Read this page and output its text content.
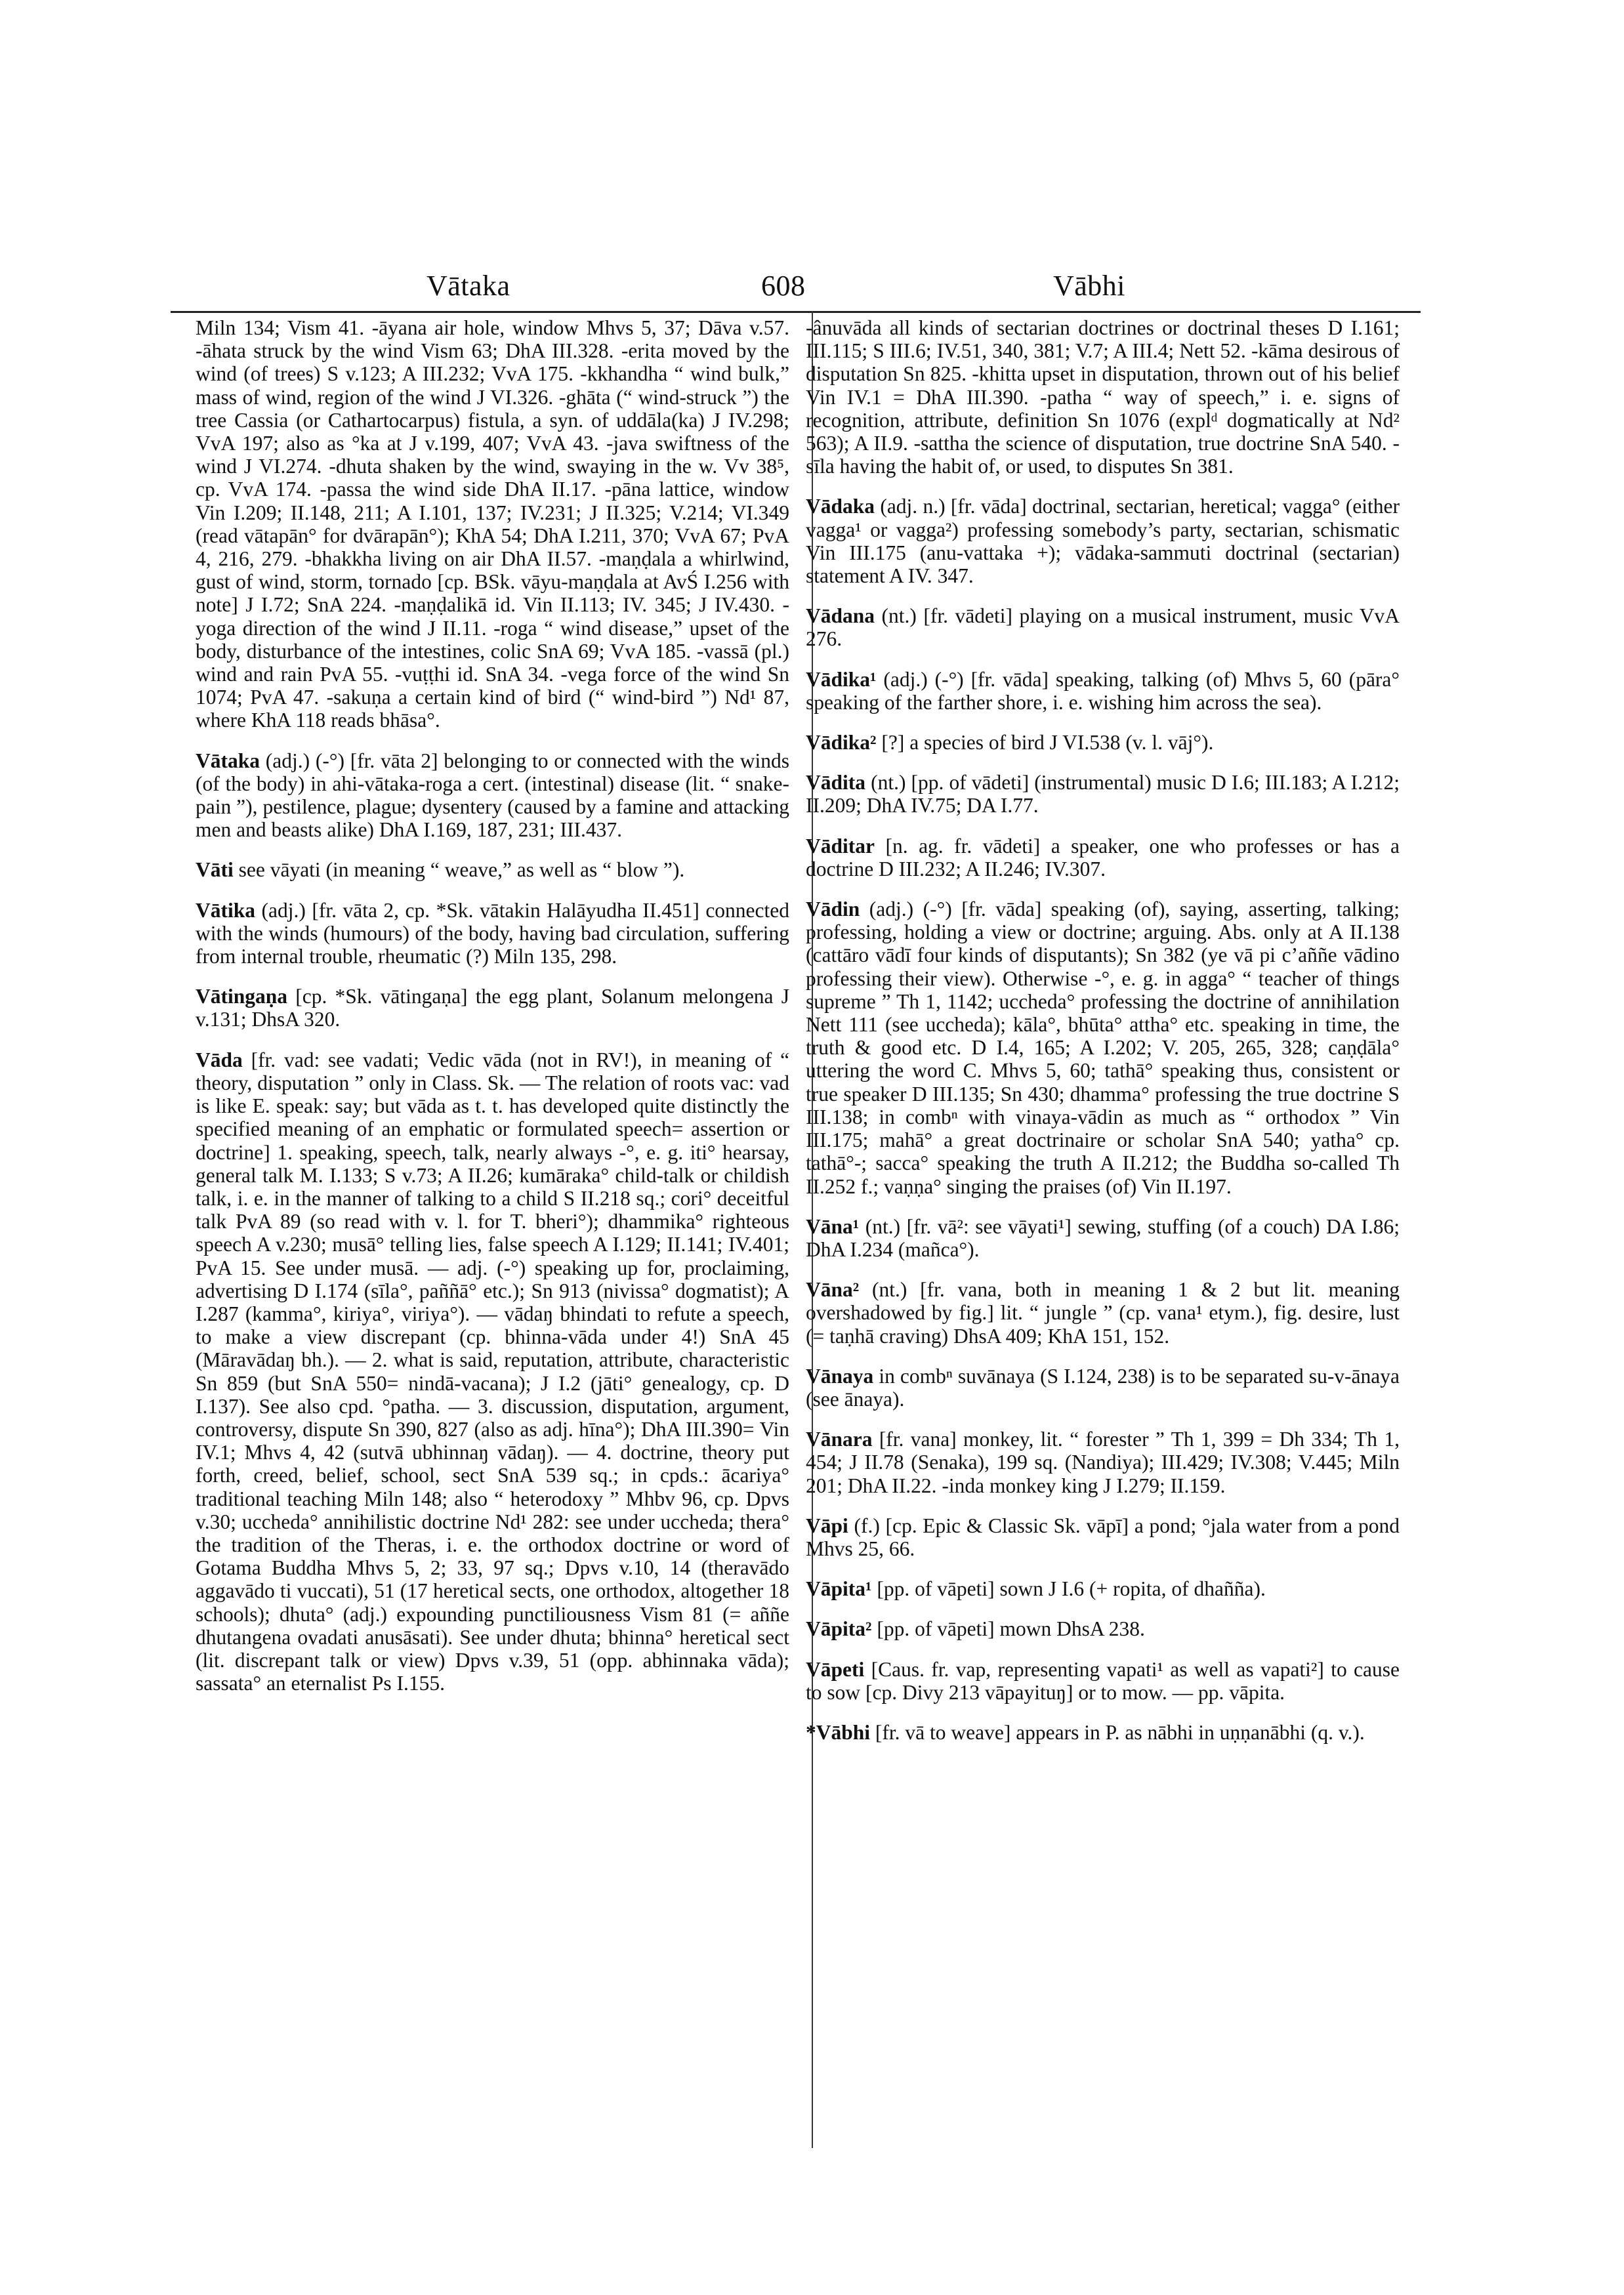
Vātaka	608	Vābhi

Miln 134; Vism 41. -āyana air hole, window Mhvs 5, 37; Dāva v.57. -āhata struck by the wind Vism 63; DhA III.328. -erita moved by the wind (of trees) S v.123; A III.232; VvA 175. -kkhandha “ wind bulk,” mass of wind, region of the wind J VI.326. -ghāta (“ wind-struck ”) the tree Cassia (or Cathartocarpus) fistula, a syn. of uddāla(ka) J IV.298; VvA 197; also as °ka at J v.199, 407; VvA 43. -java swiftness of the wind J VI.274. -dhuta shaken by the wind, swaying in the w. Vv 38⁵, cp. VvA 174. -passa the wind side DhA II.17. -pāna lattice, window Vin I.209; II.148, 211; A I.101, 137; IV.231; J II.325; V.214; VI.349 (read vātapān° for dvārapān°); KhA 54; DhA I.211, 370; VvA 67; PvA 4, 216, 279. -bhakkha living on air DhA II.57. -maṇḍala a whirlwind, gust of wind, storm, tornado [cp. BSk. vāyu-maṇḍala at AvŚ I.256 with note] J I.72; SnA 224. -maṇḍalikā id. Vin II.113; IV. 345; J IV.430. -yoga direction of the wind J II.11. -roga “ wind disease,” upset of the body, disturbance of the intestines, colic SnA 69; VvA 185. -vassā (pl.) wind and rain PvA 55. -vuṭṭhi id. SnA 34. -vega force of the wind Sn 1074; PvA 47. -sakuṇa a certain kind of bird (“ wind-bird ”) Nd¹ 87, where KhA 118 reads bhāsa°.

Vātaka (adj.) (-°) [fr. vāta 2] belonging to or connected with the winds (of the body) in ahi-vātaka-roga a cert. (intestinal) disease (lit. “ snake-pain ”), pestilence, plague; dysentery (caused by a famine and attacking men and beasts alike) DhA I.169, 187, 231; III.437.

Vāti see vāyati (in meaning “ weave,” as well as “ blow ”).

Vātika (adj.) [fr. vāta 2, cp. *Sk. vātakin Halāyudha II.451] connected with the winds (humours) of the body, having bad circulation, suffering from internal trouble, rheumatic (?) Miln 135, 298.

Vātingaṇa [cp. *Sk. vātingaṇa] the egg plant, Solanum melongena J v.131; DhsA 320.

Vāda [fr. vad: see vadati; Vedic vāda (not in RV!), in meaning of “ theory, disputation ” only in Class. Sk. — The relation of roots vac: vad is like E. speak: say; but vāda as t. t. has developed quite distinctly the specified meaning of an emphatic or formulated speech= assertion or doctrine] 1. speaking, speech, talk, nearly always -°, e. g. iti° hearsay, general talk M. I.133; S v.73; A II.26; kumāraka° child-talk or childish talk, i. e. in the manner of talking to a child S II.218 sq.; cori° deceitful talk PvA 89 (so read with v. l. for T. bheri°); dhammika° righteous speech A v.230; musā° telling lies, false speech A I.129; II.141; IV.401; PvA 15. See under musā. — adj. (-°) speaking up for, proclaiming, advertising D I.174 (sīla°, paññā° etc.); Sn 913 (nivissa° dogmatist); A I.287 (kamma°, kiriya°, viriya°). — vādaŋ bhindati to refute a speech, to make a view discrepant (cp. bhinna-vāda under 4!) SnA 45 (Māravādaŋ bh.). — 2. what is said, reputation, attribute, characteristic Sn 859 (but SnA 550= nindā-vacana); J I.2 (jāti° genealogy, cp. D I.137). See also cpd. °patha. — 3. discussion, disputation, argument, controversy, dispute Sn 390, 827 (also as adj. hīna°); DhA III.390= Vin IV.1; Mhvs 4, 42 (sutvā ubhinnaŋ vādaŋ). — 4. doctrine, theory put forth, creed, belief, school, sect SnA 539 sq.; in cpds.: ācariya° traditional teaching Miln 148; also “ heterodoxy ” Mhbv 96, cp. Dpvs v.30; uccheda° annihilistic doctrine Nd¹ 282: see under uccheda; thera° the tradition of the Theras, i. e. the orthodox doctrine or word of Gotama Buddha Mhvs 5, 2; 33, 97 sq.; Dpvs v.10, 14 (theravādo aggavādo ti vuccati), 51 (17 heretical sects, one orthodox, altogether 18 schools); dhuta° (adj.) expounding punctiliousness Vism 81 (= aññe dhutangena ovadati anusāsati). See under dhuta; bhinna° heretical sect (lit. discrepant talk or view) Dpvs v.39, 51 (opp. abhinnaka vāda); sassata° an eternalist Ps I.155.

-ânuvāda all kinds of sectarian doctrines or doctrinal theses D I.161; III.115; S III.6; IV.51, 340, 381; V.7; A III.4; Nett 52. -kāma desirous of disputation Sn 825. -khitta upset in disputation, thrown out of his belief Vin IV.1 = DhA III.390. -patha “ way of speech,” i. e. signs of recognition, attribute, definition Sn 1076 (explᵈ dogmatically at Nd² 563); A II.9. -sattha the science of disputation, true doctrine SnA 540. -sīla having the habit of, or used, to disputes Sn 381.

Vādaka (adj. n.) [fr. vāda] doctrinal, sectarian, heretical; vagga° (either vagga¹ or vagga²) professing somebody’s party, sectarian, schismatic Vin III.175 (anu-vattaka +); vādaka-sammuti doctrinal (sectarian) statement A IV. 347.

Vādana (nt.) [fr. vādeti] playing on a musical instrument, music VvA 276.

Vādika¹ (adj.) (-°) [fr. vāda] speaking, talking (of) Mhvs 5, 60 (pāra° speaking of the farther shore, i. e. wishing him across the sea).

Vādika² [?] a species of bird J VI.538 (v. l. vāj°).

Vādita (nt.) [pp. of vādeti] (instrumental) music D I.6; III.183; A I.212; II.209; DhA IV.75; DA I.77.

Vāditar [n. ag. fr. vādeti] a speaker, one who professes or has a doctrine D III.232; A II.246; IV.307.

Vādin (adj.) (-°) [fr. vāda] speaking (of), saying, asserting, talking; professing, holding a view or doctrine; arguing. Abs. only at A II.138 (cattāro vādī four kinds of disputants); Sn 382 (ye vā pi c’aññe vādino professing their view). Otherwise -°, e. g. in agga° “ teacher of things supreme ” Th 1, 1142; uccheda° professing the doctrine of annihilation Nett 111 (see uccheda); kāla°, bhūta° attha° etc. speaking in time, the truth & good etc. D I.4, 165; A I.202; V. 205, 265, 328; caṇḍāla° uttering the word C. Mhvs 5, 60; tathā° speaking thus, consistent or true speaker D III.135; Sn 430; dhamma° professing the true doctrine S III.138; in combⁿ with vinaya-vādin as much as “ orthodox ” Vin III.175; mahā° a great doctrinaire or scholar SnA 540; yatha° cp. tathā°-; sacca° speaking the truth A II.212; the Buddha so-called Th II.252 f.; vaṇṇa° singing the praises (of) Vin II.197.

Vāna¹ (nt.) [fr. vā²: see vāyati¹] sewing, stuffing (of a couch) DA I.86; DhA I.234 (mañca°).

Vāna² (nt.) [fr. vana, both in meaning 1 & 2 but lit. meaning overshadowed by fig.] lit. “ jungle ” (cp. vana¹ etym.), fig. desire, lust (= taṇhā craving) DhsA 409; KhA 151, 152.

Vānaya in combⁿ suvānaya (S I.124, 238) is to be separated su-v-ānaya (see ānaya).

Vānara [fr. vana] monkey, lit. “ forester ” Th 1, 399 = Dh 334; Th 1, 454; J II.78 (Senaka), 199 sq. (Nandiya); III.429; IV.308; V.445; Miln 201; DhA II.22. -inda monkey king J I.279; II.159.

Vāpi (f.) [cp. Epic & Classic Sk. vāpī] a pond; °jala water from a pond Mhvs 25, 66.

Vāpita¹ [pp. of vāpeti] sown J I.6 (+ ropita, of dhañña).

Vāpita² [pp. of vāpeti] mown DhsA 238.

Vāpeti [Caus. fr. vap, representing vapati¹ as well as vapati²] to cause to sow [cp. Divy 213 vāpayituŋ] or to mow. — pp. vāpita.

*Vābhi [fr. vā to weave] appears in P. as nābhi in uṇṇanābhi (q. v.).
